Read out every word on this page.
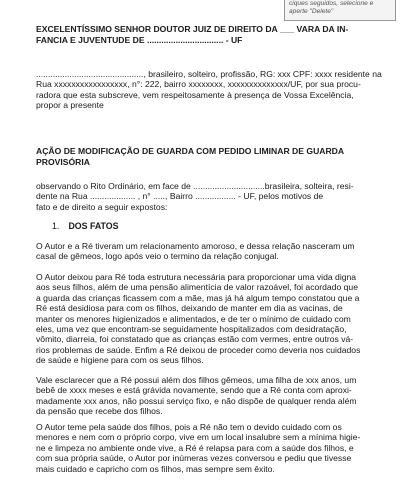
ciques seguidos, selecione e
aperte "Delete"
EXCELENTÍSSIMO SENHOR DOUTOR JUIZ DE DIREITO DA ___ VARA DA IN-
FANCIA E JUVENTUDE DE ................................ - UF
............................................., brasileiro, solteiro, profissão, RG: xxx CPF: xxxx residente na
Rua xxxxxxxxxxxxxxxxx, n°: 222, bairro xxxxxxxx, xxxxxxxxxxxxxx/UF, por sua procu-
radora que esta subscreve, vem respeitosamente à presença de Vossa Excelência,
propor a presente
AÇÃO DE MODIFICAÇÃO DE GUARDA COM PEDIDO LIMINAR DE GUARDA
PROVISÓRIA
observando o Rito Ordinário, em face de ..............................brasileira, solteira, resi-
dente na Rua ................... , n° ....., Bairro ................. - UF, pelos motivos de
fato e de direito a seguir expostos:
1. DOS FATOS
O Autor e a Ré tiveram um relacionamento amoroso, e dessa relação nasceram um
casal de gêmeos, logo após veio o termino da relação conjugal.
O Autor deixou para Ré toda estrutura necessária para proporcionar uma vida digna
aos seus filhos, além de uma pensão alimentícia de valor razoável, foi acordado que
a guarda das crianças ficassem com a mãe, mas já há algum tempo constatou que a
Ré está desidiosa para com os filhos, deixando de manter em dia as vacinas, de
manter os menores higienizados e alimentados, e de ter o mínimo de cuidado com
eles, uma vez que encontram-se seguidamente hospitalizados com desidratação,
vômito, diarreia, foi constatado que as crianças estão com vermes, entre outros vá-
rios problemas de saúde. Enfim a Ré deixou de proceder como deveria nos cuidados
de saúde e higiene para com os seus filhos.
Vale esclarecer que a Ré possui além dos filhos gêmeos, uma filha de xxx anos, um
bebê de xxxx meses e está grávida novamente, sendo que a Ré conta com aproxi-
madamente xxx anos, não possui serviço fixo, e não dispõe de qualquer renda além
da pensão que recebe dos filhos.
O Autor teme pela saúde dos filhos, pois a Ré não tem o devido cuidado com os
menores e nem com o próprio corpo, vive em um local insalubre sem a mínima higie-
ne e limpeza no ambiente onde vive, a Ré é relapsa para com a saúde dos filhos, e
com sua própria saúde, o Autor por inúmeras vezes conversou e pediu que tivesse
mais cuidado e capricho com os filhos, mas sempre sem êxito.
